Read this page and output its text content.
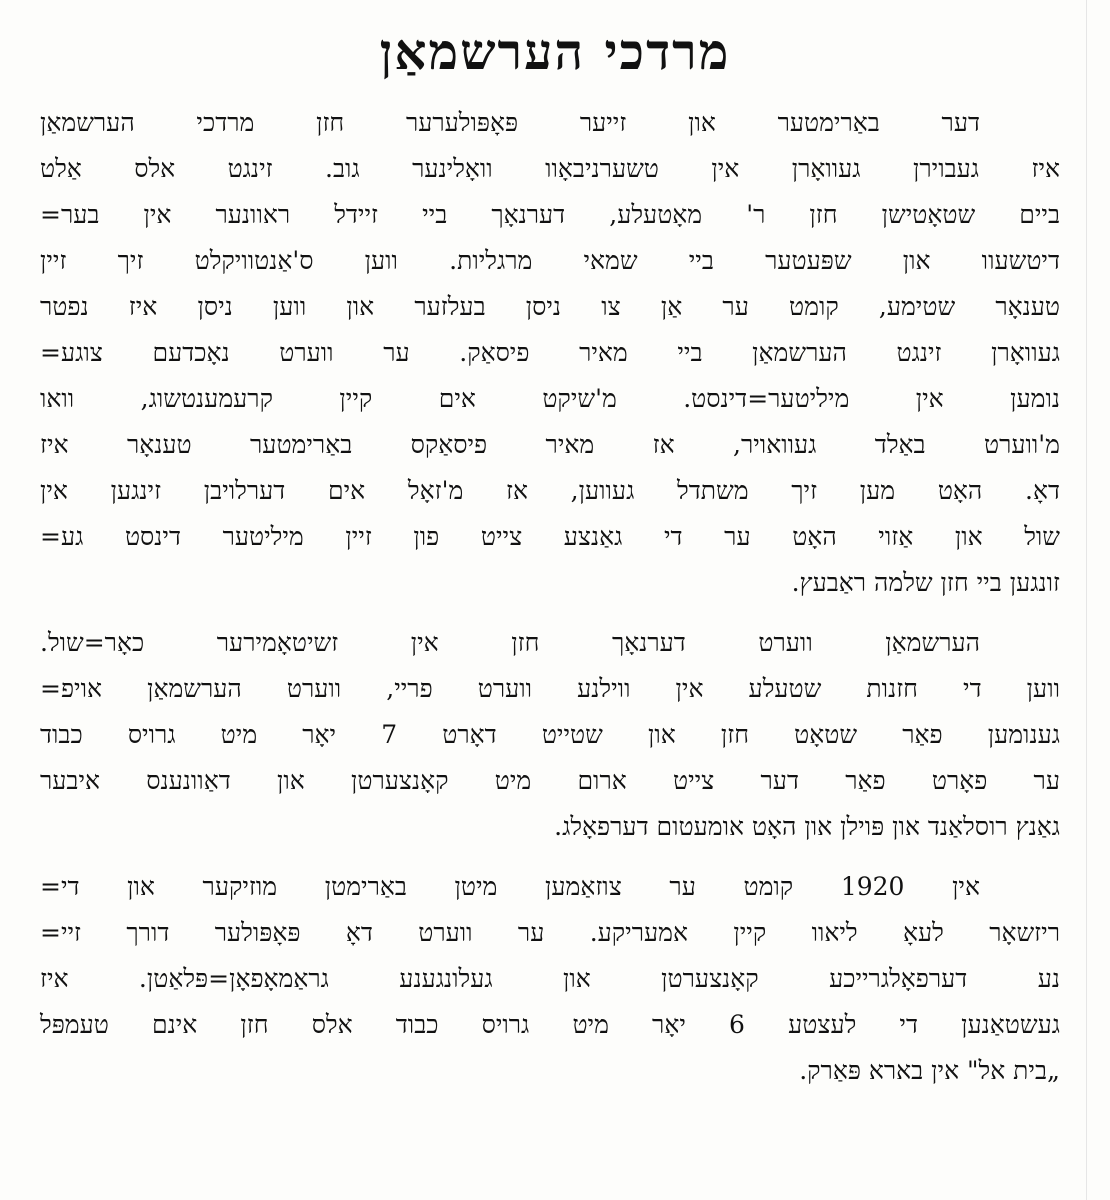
מרדכי הערשמאַן
דער באַרימטער און זייער פּאָפּולערער חזן מרדכי הערשמאַן
איז געבוירן געוואָרן אין טשערניבאָוו וואָלינער גוב. זינגט אלס אַלט
ביים שטאָטישן חזן ר' מאָטעלע, דערנאָך ביי זיידל ראוונער אין בער=
דיטשעוו און שפּעטער ביי שמאי מרגליות. ווען ס'אַנטוויקלט זיך זיין
טענאָר שטימע, קומט ער אַן צו ניסן בעלזער און ווען ניסן איז נפטר
געוואָרן זינגט הערשמאַן ביי מאיר פיסאַק. ער ווערט נאָכדעם צוגע=
נומען אין מיליטער=דינסט. מ'שיקט אים קיין קרעמענטשוג, וואו
מ'ווערט באַלד געוואויר, אז מאיר פיסאַקס באַרימטער טענאָר איז
דאָ. האָט מען זיך משתדל געווען, אז מ'זאָל אים דערלויבן זינגען אין
שול און אַזוי האָט ער די גאַנצע צייט פון זיין מיליטער דינסט גע=
זונגען ביי חזן שלמה ראַבעץ.
הערשמאַן ווערט דערנאָך חזן אין זשיטאָמירער כאָר=שול.
ווען די חזנות שטעלע אין ווילנע ווערט פריי, ווערט הערשמאַן אויפ=
גענומען פאַר שטאָט חזן און שטייט דאָרט 7 יאָר מיט גרויס כבוד
ער פאָרט פאַר דער צייט ארום מיט קאָנצערטן און דאַוונענס איבער
גאַנץ רוסלאַנד און פּוילן און האָט אומעטום דערפאָלג.
אין 1920 קומט ער צוזאַמען מיטן באַרימטן מוזיקער און די=
ריזשאָר לעאָ ליאוו קיין אמעריקע. ער ווערט דאָ פּאָפּולער דורך זיי=
נע דערפאָלגרייכע קאָנצערטן און געלונגענע גראַמאָפאָן=פּלאַטן. איז
געשטאַנען די לעצטע 6 יאָר מיט גרויס כבוד אלס חזן אינם טעמפּל
„בית אל" אין בארא פּאַרק.
